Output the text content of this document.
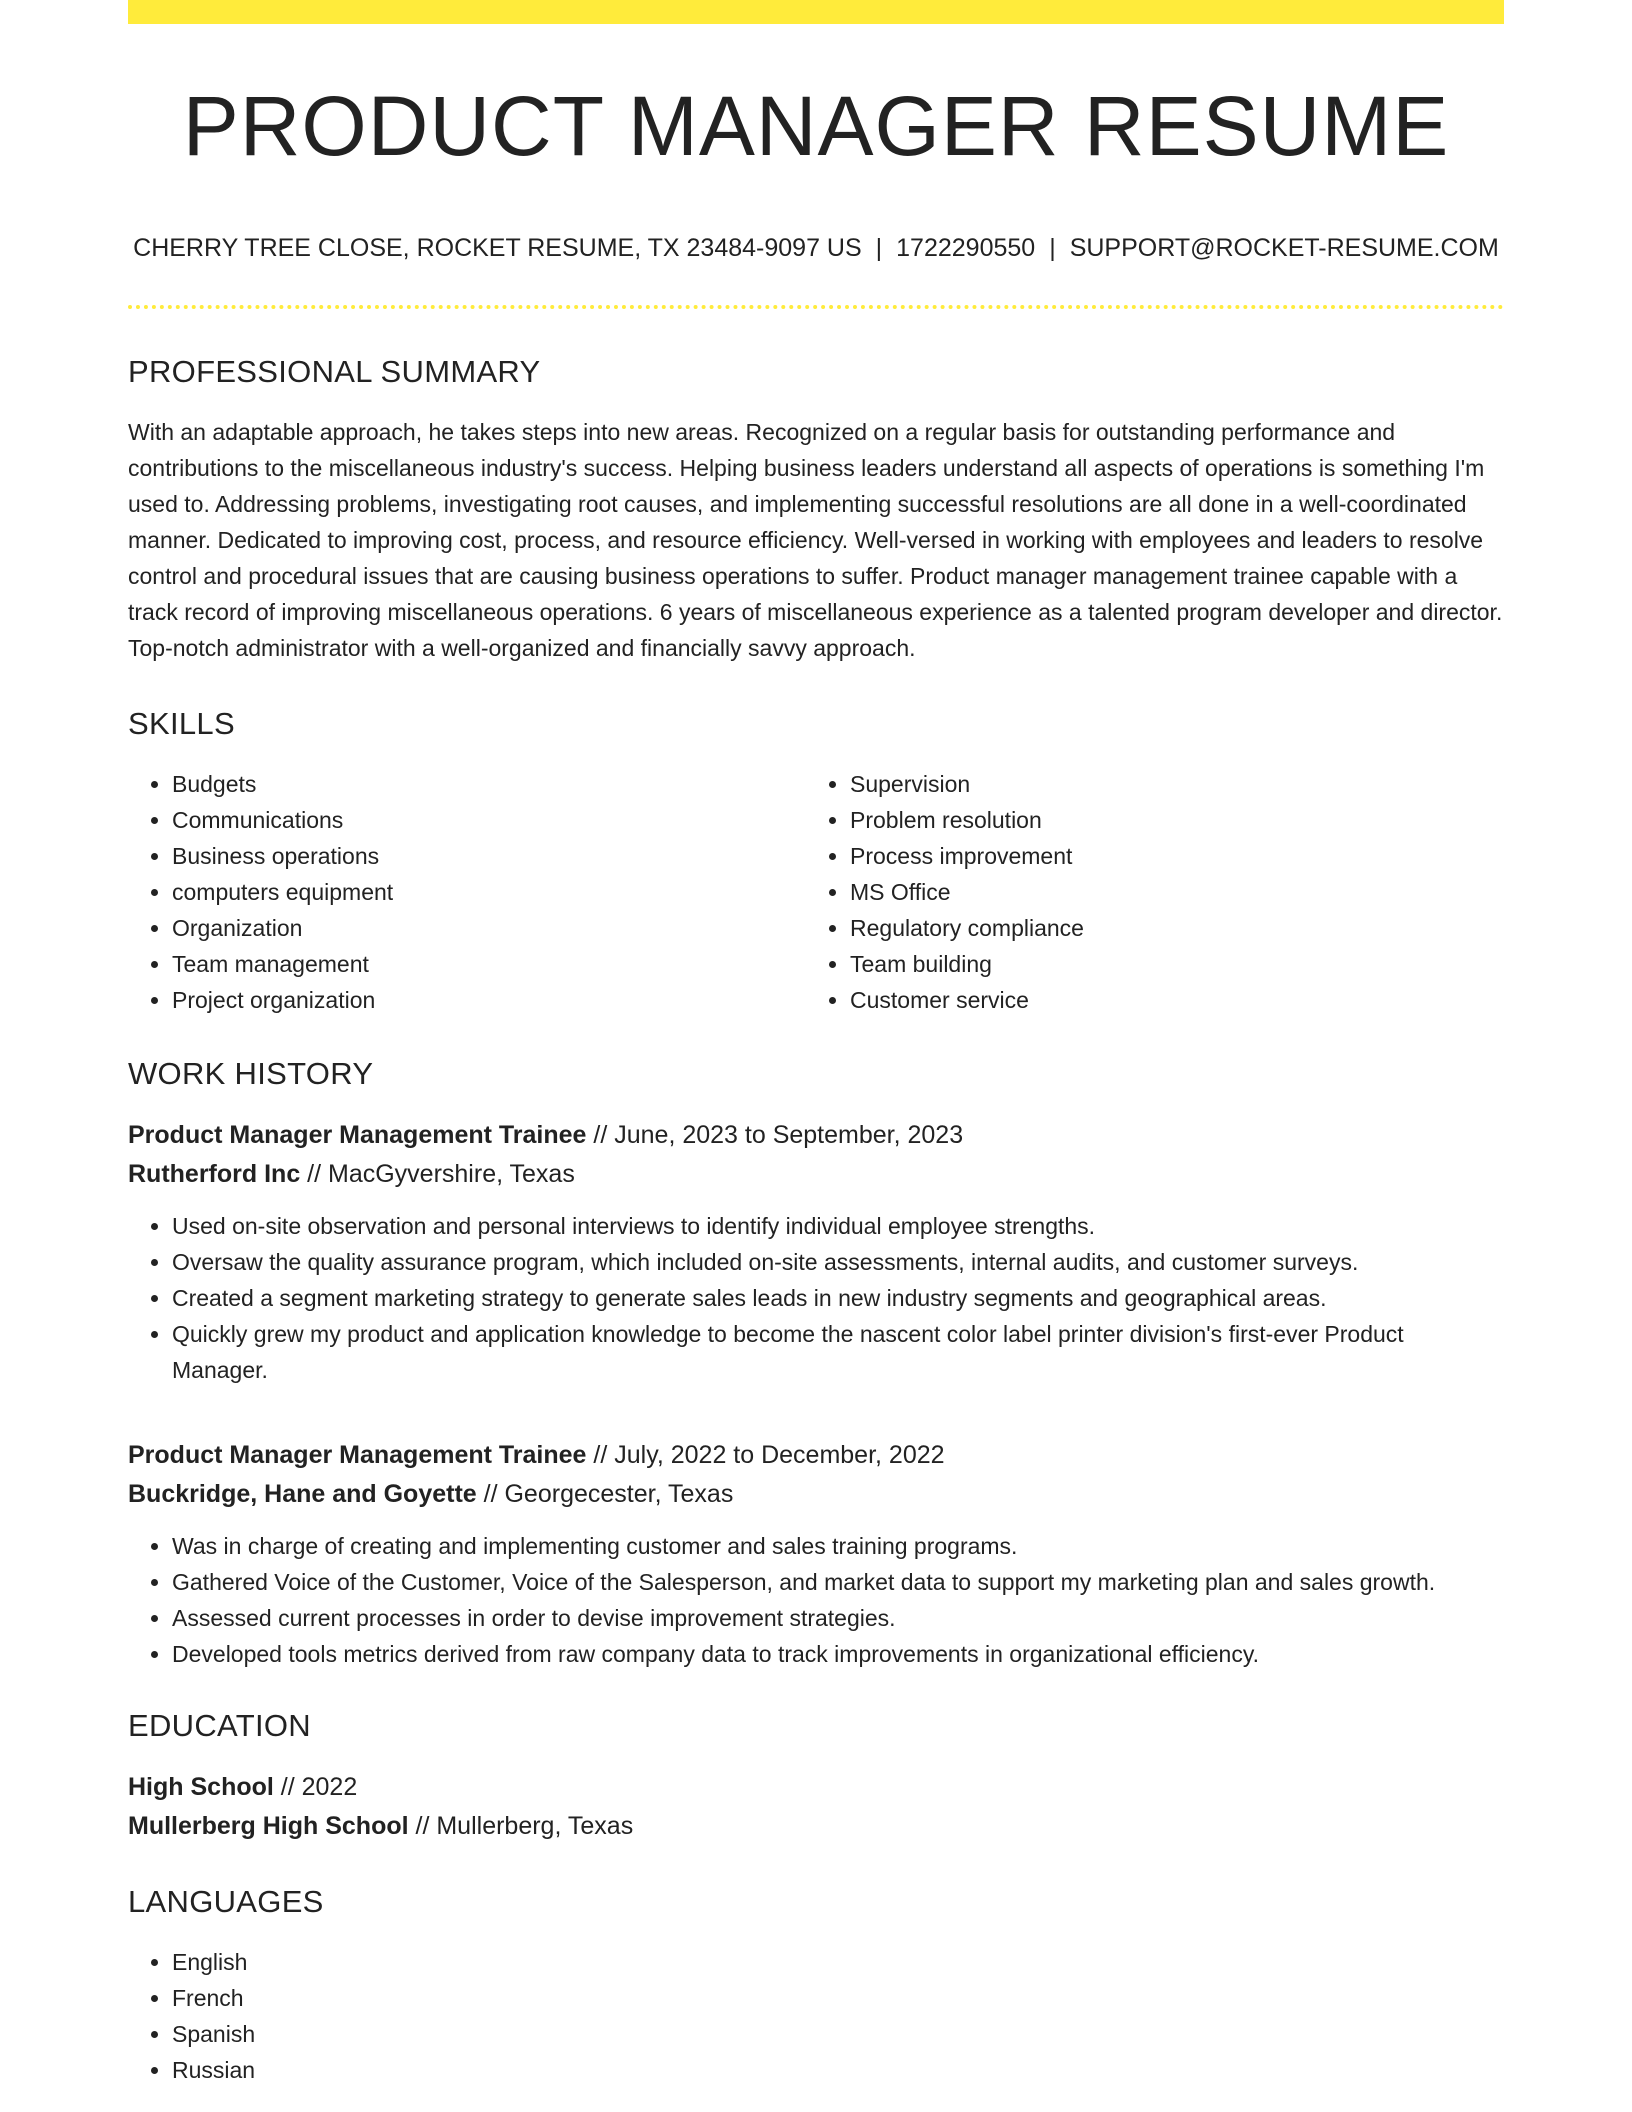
PRODUCT MANAGER RESUME
CHERRY TREE CLOSE, ROCKET RESUME, TX 23484-9097 US | 1722290550 | SUPPORT@ROCKET-RESUME.COM
PROFESSIONAL SUMMARY
With an adaptable approach, he takes steps into new areas. Recognized on a regular basis for outstanding performance and contributions to the miscellaneous industry's success. Helping business leaders understand all aspects of operations is something I'm used to. Addressing problems, investigating root causes, and implementing successful resolutions are all done in a well-coordinated manner. Dedicated to improving cost, process, and resource efficiency. Well-versed in working with employees and leaders to resolve control and procedural issues that are causing business operations to suffer. Product manager management trainee capable with a track record of improving miscellaneous operations. 6 years of miscellaneous experience as a talented program developer and director. Top-notch administrator with a well-organized and financially savvy approach.
SKILLS
• Budgets
• Communications
• Business operations
• computers equipment
• Organization
• Team management
• Project organization
• Supervision
• Problem resolution
• Process improvement
• MS Office
• Regulatory compliance
• Team building
• Customer service
WORK HISTORY
Product Manager Management Trainee // June, 2023 to September, 2023
Rutherford Inc // MacGyvershire, Texas
• Used on-site observation and personal interviews to identify individual employee strengths.
• Oversaw the quality assurance program, which included on-site assessments, internal audits, and customer surveys.
• Created a segment marketing strategy to generate sales leads in new industry segments and geographical areas.
• Quickly grew my product and application knowledge to become the nascent color label printer division's first-ever Product Manager.
Product Manager Management Trainee // July, 2022 to December, 2022
Buckridge, Hane and Goyette // Georgecester, Texas
• Was in charge of creating and implementing customer and sales training programs.
• Gathered Voice of the Customer, Voice of the Salesperson, and market data to support my marketing plan and sales growth.
• Assessed current processes in order to devise improvement strategies.
• Developed tools metrics derived from raw company data to track improvements in organizational efficiency.
EDUCATION
High School // 2022
Mullerberg High School // Mullerberg, Texas
LANGUAGES
• English
• French
• Spanish
• Russian
